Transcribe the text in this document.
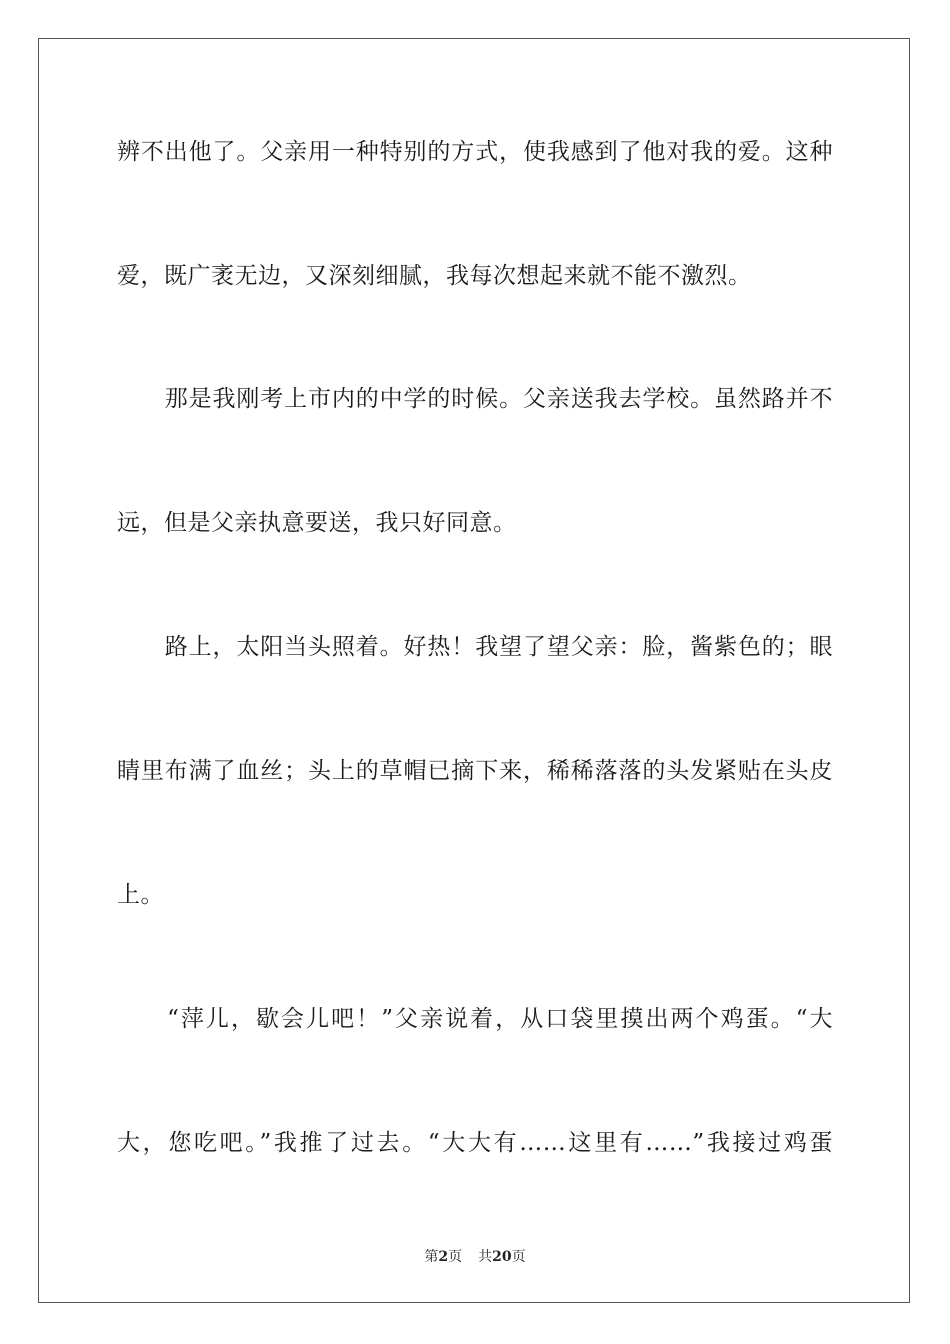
辨不出他了。父亲用一种特别的方式，使我感到了他对我的爱。这种
爱，既广袤无边，又深刻细腻，我每次想起来就不能不激烈。
　　那是我刚考上市内的中学的时候。父亲送我去学校。虽然路并不
远，但是父亲执意要送，我只好同意。
　　路上，太阳当头照着。好热！我望了望父亲：脸，酱紫色的；眼
睛里布满了血丝；头上的草帽已摘下来，稀稀落落的头发紧贴在头皮
上。
　　“萍儿，歇会儿吧！”父亲说着，从口袋里摸出两个鸡蛋。“大
大，您吃吧。”我推了过去。“大大有……这里有……”我接过鸡蛋
第2页 共20页
